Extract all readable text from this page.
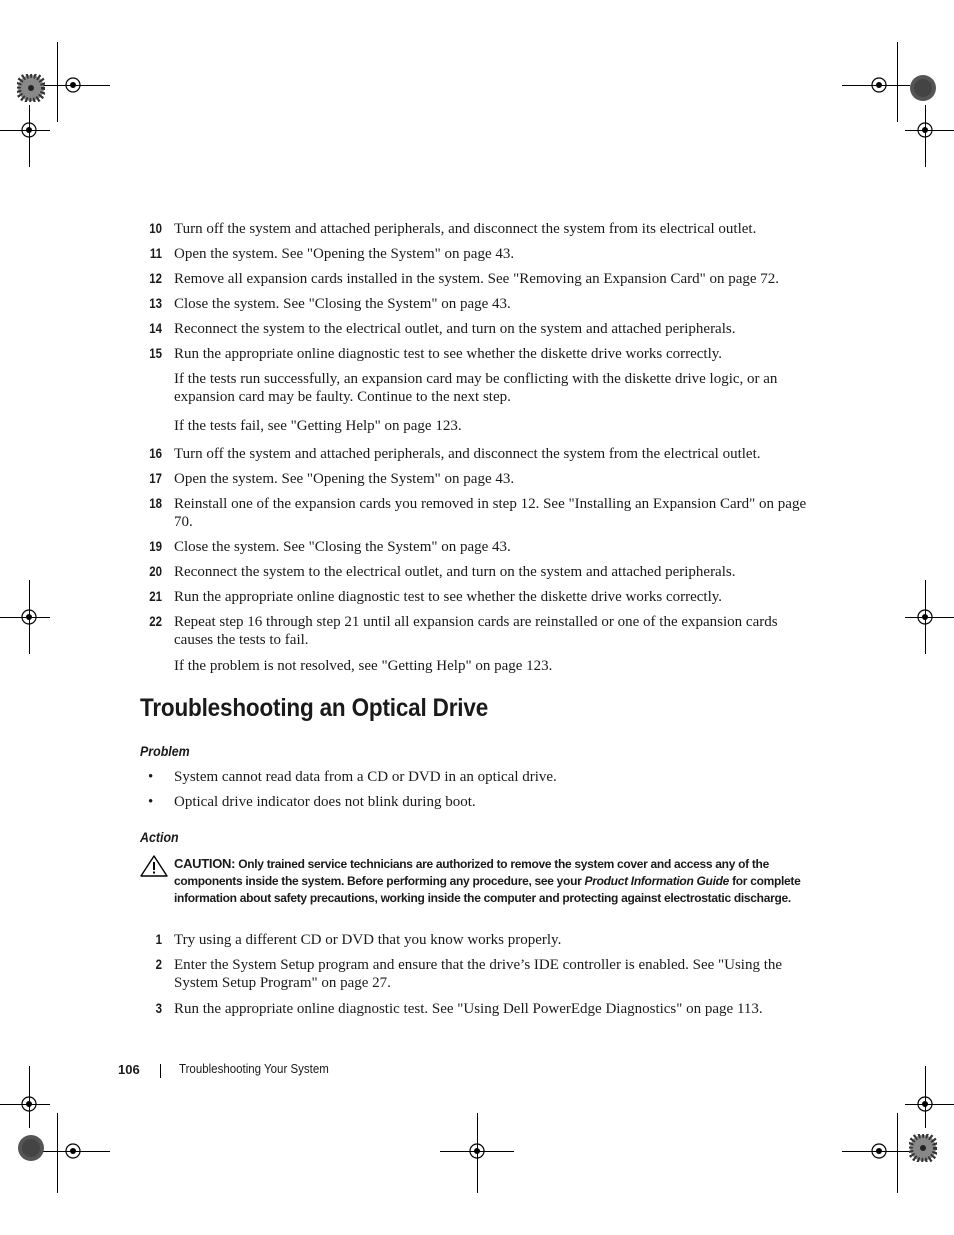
10 Turn off the system and attached peripherals, and disconnect the system from its electrical outlet.
11 Open the system. See "Opening the System" on page 43.
12 Remove all expansion cards installed in the system. See "Removing an Expansion Card" on page 72.
13 Close the system. See "Closing the System" on page 43.
14 Reconnect the system to the electrical outlet, and turn on the system and attached peripherals.
15 Run the appropriate online diagnostic test to see whether the diskette drive works correctly.
If the tests run successfully, an expansion card may be conflicting with the diskette drive logic, or an expansion card may be faulty. Continue to the next step.
If the tests fail, see "Getting Help" on page 123.
16 Turn off the system and attached peripherals, and disconnect the system from the electrical outlet.
17 Open the system. See "Opening the System" on page 43.
18 Reinstall one of the expansion cards you removed in step 12. See "Installing an Expansion Card" on page 70.
19 Close the system. See "Closing the System" on page 43.
20 Reconnect the system to the electrical outlet, and turn on the system and attached peripherals.
21 Run the appropriate online diagnostic test to see whether the diskette drive works correctly.
22 Repeat step 16 through step 21 until all expansion cards are reinstalled or one of the expansion cards causes the tests to fail.
If the problem is not resolved, see "Getting Help" on page 123.
Troubleshooting an Optical Drive
Problem
• System cannot read data from a CD or DVD in an optical drive.
• Optical drive indicator does not blink during boot.
Action
CAUTION: Only trained service technicians are authorized to remove the system cover and access any of the components inside the system. Before performing any procedure, see your Product Information Guide for complete information about safety precautions, working inside the computer and protecting against electrostatic discharge.
1 Try using a different CD or DVD that you know works properly.
2 Enter the System Setup program and ensure that the drive’s IDE controller is enabled. See "Using the System Setup Program" on page 27.
3 Run the appropriate online diagnostic test. See "Using Dell PowerEdge Diagnostics" on page 113.
106	Troubleshooting Your System
